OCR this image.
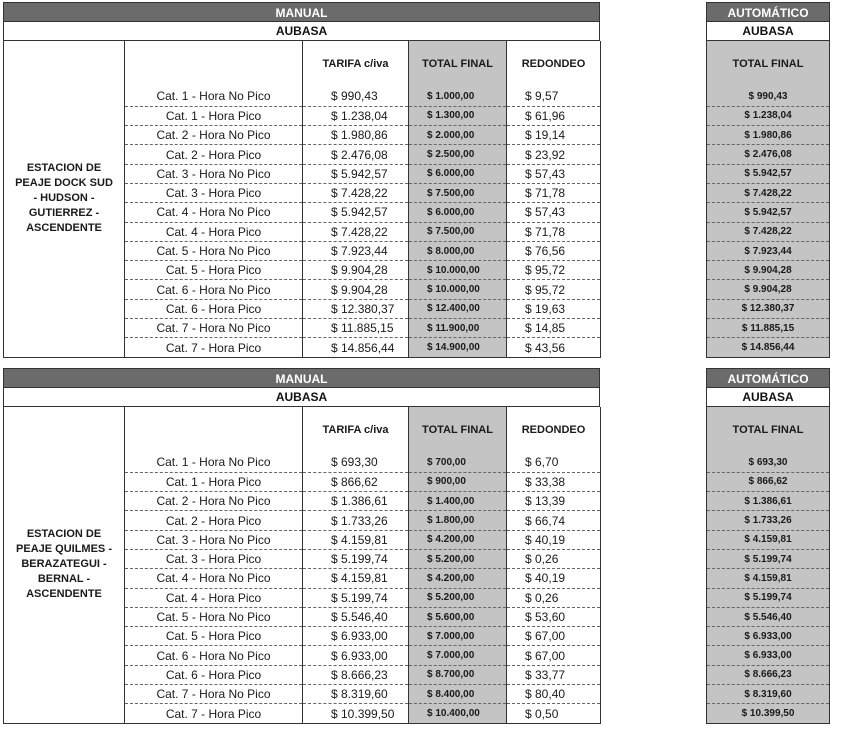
MANUAL
AUBASA
ESTACION DE
PEAJE DOCK SUD
- HUDSON -
GUTIERREZ -
ASCENDENTE		TARIFA c/iva	TOTAL FINAL	REDONDEO
	Cat. 1 - Hora No Pico	$ 990,43	$ 1.000,00	$ 9,57
	Cat. 1 - Hora Pico	$ 1.238,04	$ 1.300,00	$ 61,96
	Cat. 2 - Hora No Pico	$ 1.980,86	$ 2.000,00	$ 19,14
	Cat. 2 - Hora Pico	$ 2.476,08	$ 2.500,00	$ 23,92
	Cat. 3 - Hora No Pico	$ 5.942,57	$ 6.000,00	$ 57,43
	Cat. 3 - Hora Pico	$ 7.428,22	$ 7.500,00	$ 71,78
	Cat. 4 - Hora No Pico	$ 5.942,57	$ 6.000,00	$ 57,43
	Cat. 4 - Hora Pico	$ 7.428,22	$ 7.500,00	$ 71,78
	Cat. 5 - Hora No Pico	$ 7.923,44	$ 8.000,00	$ 76,56
	Cat. 5 - Hora Pico	$ 9.904,28	$ 10.000,00	$ 95,72
	Cat. 6 - Hora No Pico	$ 9.904,28	$ 10.000,00	$ 95,72
	Cat. 6 - Hora Pico	$ 12.380,37	$ 12.400,00	$ 19,63
	Cat. 7 - Hora No Pico	$ 11.885,15	$ 11.900,00	$ 14,85
	Cat. 7 - Hora Pico	$ 14.856,44	$ 14.900,00	$ 43,56
AUTOMÁTICO
AUBASA
TOTAL FINAL
$ 990,43
$ 1.238,04
$ 1.980,86
$ 2.476,08
$ 5.942,57
$ 7.428,22
$ 5.942,57
$ 7.428,22
$ 7.923,44
$ 9.904,28
$ 9.904,28
$ 12.380,37
$ 11.885,15
$ 14.856,44
MANUAL
AUBASA
ESTACION DE
PEAJE QUILMES -
BERAZATEGUI -
BERNAL -
ASCENDENTE		TARIFA c/iva	TOTAL FINAL	REDONDEO
	Cat. 1 - Hora No Pico	$ 693,30	$ 700,00	$ 6,70
	Cat. 1 - Hora Pico	$ 866,62	$ 900,00	$ 33,38
	Cat. 2 - Hora No Pico	$ 1.386,61	$ 1.400,00	$ 13,39
	Cat. 2 - Hora Pico	$ 1.733,26	$ 1.800,00	$ 66,74
	Cat. 3 - Hora No Pico	$ 4.159,81	$ 4.200,00	$ 40,19
	Cat. 3 - Hora Pico	$ 5.199,74	$ 5.200,00	$ 0,26
	Cat. 4 - Hora No Pico	$ 4.159,81	$ 4.200,00	$ 40,19
	Cat. 4 - Hora Pico	$ 5.199,74	$ 5.200,00	$ 0,26
	Cat. 5 - Hora No Pico	$ 5.546,40	$ 5.600,00	$ 53,60
	Cat. 5 - Hora Pico	$ 6.933,00	$ 7.000,00	$ 67,00
	Cat. 6 - Hora No Pico	$ 6.933,00	$ 7.000,00	$ 67,00
	Cat. 6 - Hora Pico	$ 8.666,23	$ 8.700,00	$ 33,77
	Cat. 7 - Hora No Pico	$ 8.319,60	$ 8.400,00	$ 80,40
	Cat. 7 - Hora Pico	$ 10.399,50	$ 10.400,00	$ 0,50
AUTOMÁTICO
AUBASA
TOTAL FINAL
$ 693,30
$ 866,62
$ 1.386,61
$ 1.733,26
$ 4.159,81
$ 5.199,74
$ 4.159,81
$ 5.199,74
$ 5.546,40
$ 6.933,00
$ 6.933,00
$ 8.666,23
$ 8.319,60
$ 10.399,50
